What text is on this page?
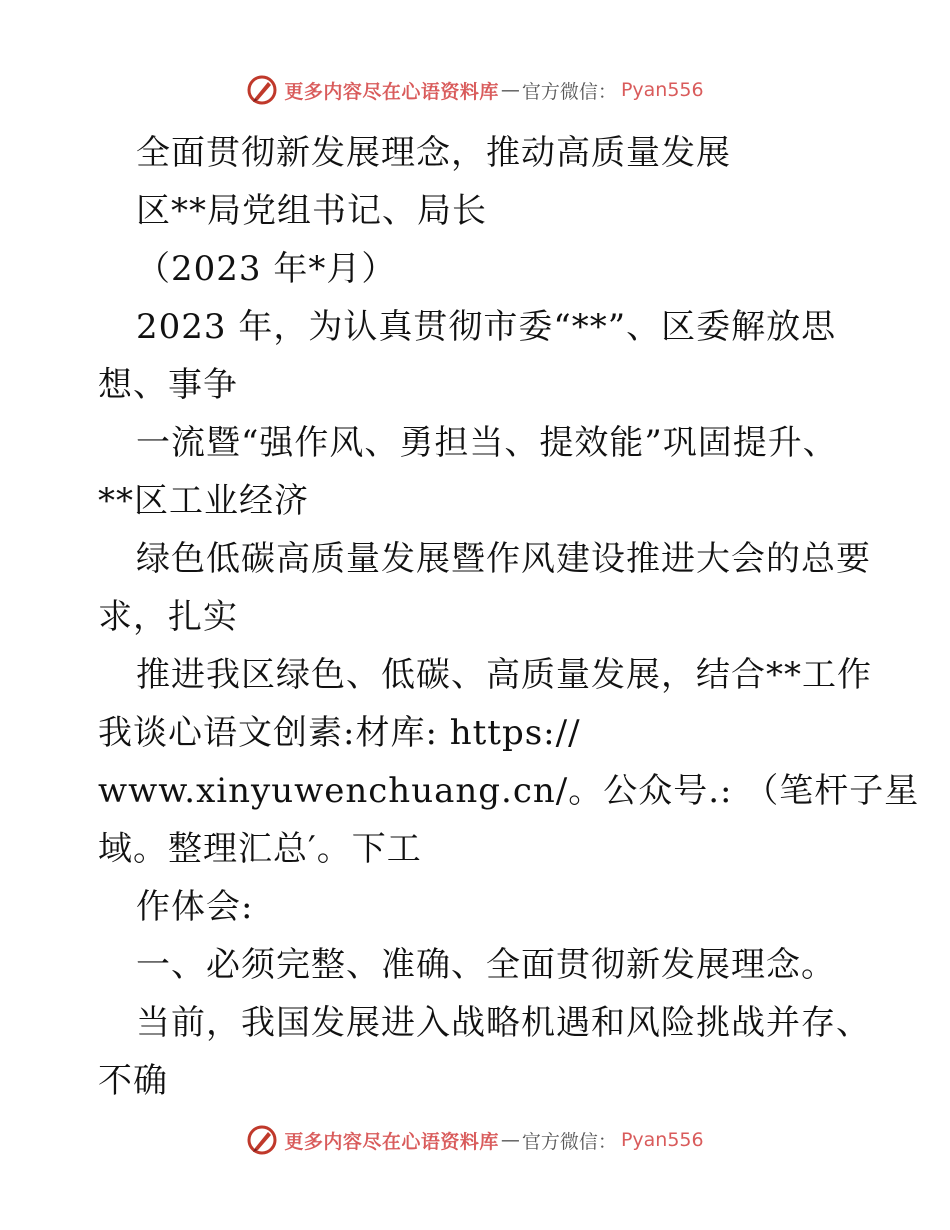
更多内容尽在心语资料库 — 官方微信： Pyan556
全面贯彻新发展理念，推动高质量发展
区**局党组书记、局长
（2023 年*月）
2023 年，为认真贯彻市委“**”、区委解放思
想、事争
一流暨“强作风、勇担当、提效能”巩固提升、
**区工业经济
绿色低碳高质量发展暨作风建设推进大会的总要
求，扎实
推进我区绿色、低碳、高质量发展，结合**工作
我谈心语文创素:材库: https://
www.xinyuwenchuang.cn/。公众号.: （笔杆子星
域。整理汇总′。下工
作体会:
一、必须完整、准确、全面贯彻新发展理念。
当前，我国发展进入战略机遇和风险挑战并存、
不确
更多内容尽在心语资料库 — 官方微信： Pyan556
